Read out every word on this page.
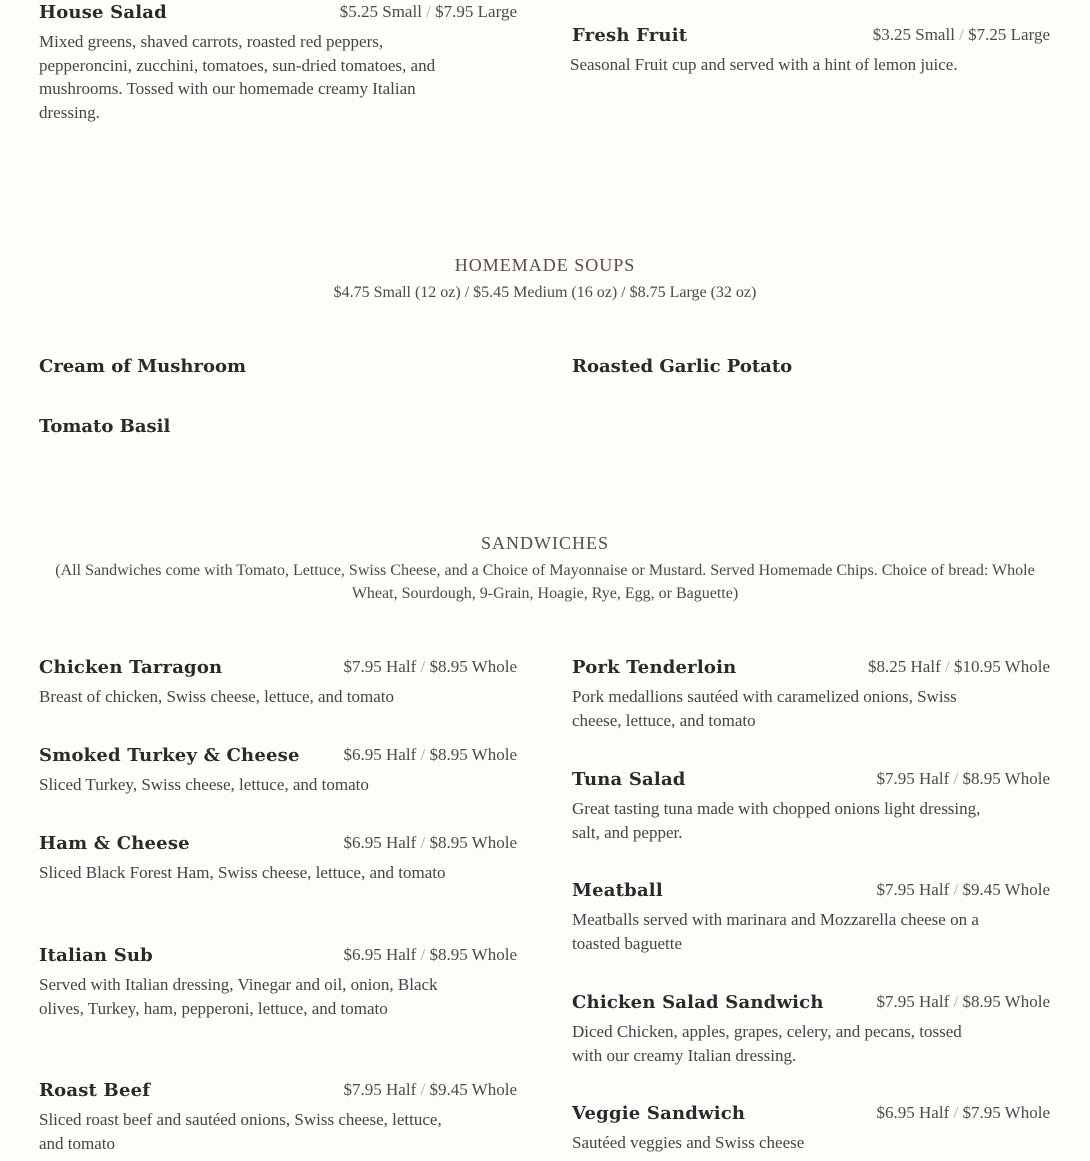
House Salad	$5.25 Small / $7.95 Large
Mixed greens, shaved carrots, roasted red peppers, pepperoncini, zucchini, tomatoes, sun-dried tomatoes, and mushrooms. Tossed with our homemade creamy Italian dressing.
Fresh Fruit	$3.25 Small / $7.25 Large
Seasonal Fruit cup and served with a hint of lemon juice.
HOMEMADE SOUPS
$4.75 Small (12 oz) / $5.45 Medium (16 oz) / $8.75 Large (32 oz)
Cream of Mushroom	Roasted Garlic Potato
Tomato Basil
SANDWICHES
(All Sandwiches come with Tomato, Lettuce, Swiss Cheese, and a Choice of Mayonnaise or Mustard. Served Homemade Chips. Choice of bread: Whole Wheat, Sourdough, 9-Grain, Hoagie, Rye, Egg, or Baguette)
Chicken Tarragon	$7.95 Half / $8.95 Whole
Breast of chicken, Swiss cheese, lettuce, and tomato
Pork Tenderloin	$8.25 Half / $10.95 Whole
Pork medallions sautéed with caramelized onions, Swiss cheese, lettuce, and tomato
Smoked Turkey & Cheese	$6.95 Half / $8.95 Whole
Sliced Turkey, Swiss cheese, lettuce, and tomato	Tuna Salad	$7.95 Half / $8.95 Whole
Great tasting tuna made with chopped onions light dressing, salt, and pepper.
Ham & Cheese	$6.95 Half / $8.95 Whole
Sliced Black Forest Ham, Swiss cheese, lettuce, and tomato
Meatball	$7.95 Half / $9.45 Whole
Meatballs served with marinara and Mozzarella cheese on a toasted baguette
Italian Sub	$6.95 Half / $8.95 Whole
Served with Italian dressing, Vinegar and oil, onion, Black olives, Turkey, ham, pepperoni, lettuce, and tomato	Chicken Salad Sandwich	$7.95 Half / $8.95 Whole
Diced Chicken, apples, grapes, celery, and pecans, tossed with our creamy Italian dressing.
Roast Beef	$7.95 Half / $9.45 Whole
Sliced roast beef and sautéed onions, Swiss cheese, lettuce, and tomato
Veggie Sandwich	$6.95 Half / $7.95 Whole
Sautéed veggies and Swiss cheese
